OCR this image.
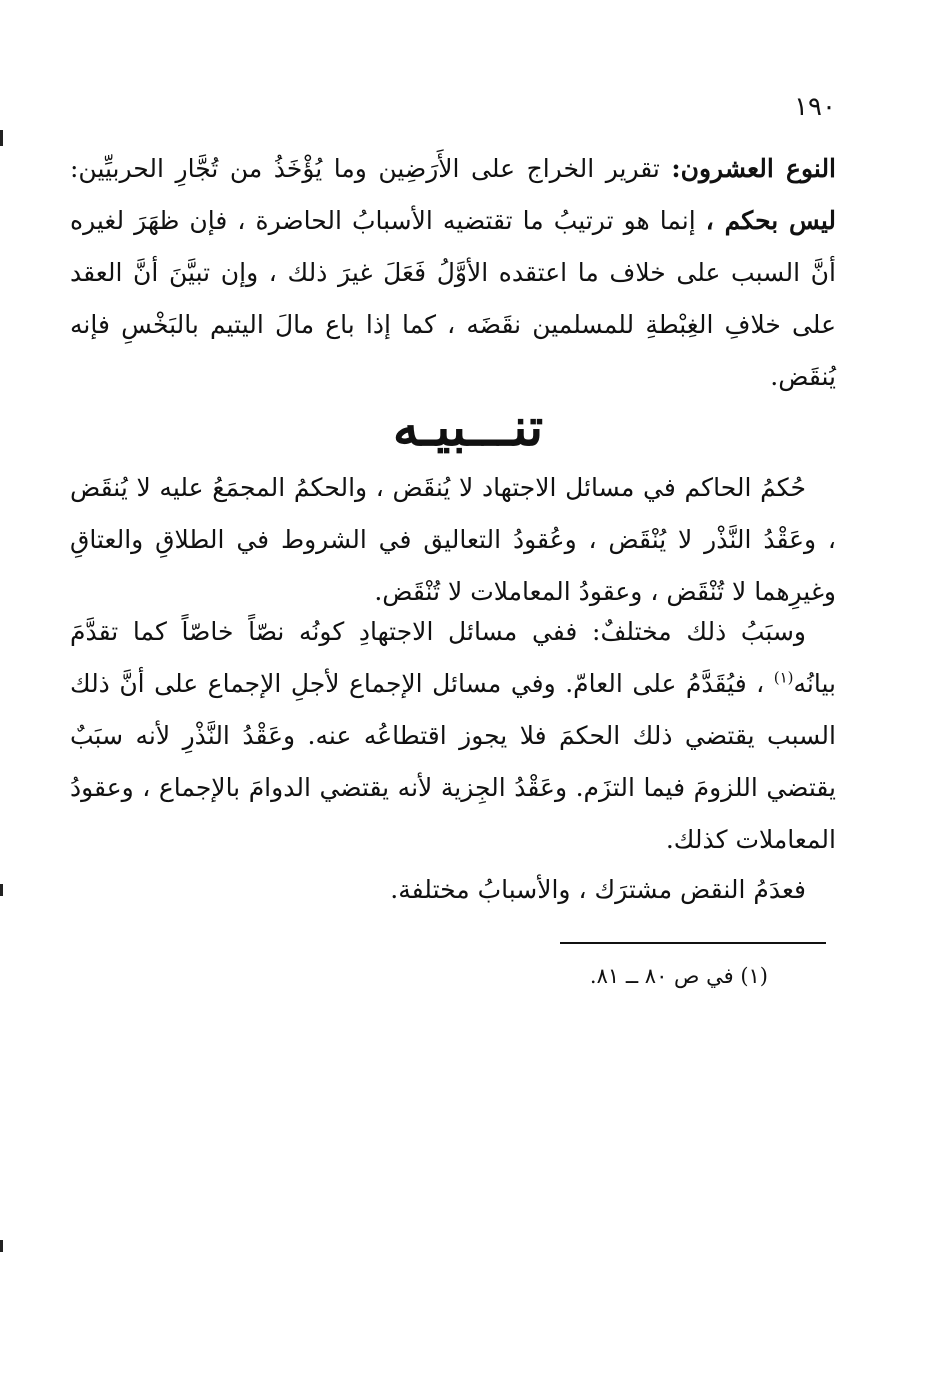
١٩٠
النوع العشرون: تقرير الخراج على الأَرَضِين وما يُؤْخَذُ من تُجَّارِ الحربيِّين: ليس بحكم ، إنما هو ترتيبُ ما تقتضيه الأسبابُ الحاضرة ، فإن ظهَرَ لغيره أنَّ السبب على خلاف ما اعتقده الأوَّلُ فَعَلَ غيرَ ذلك ، وإن تبيَّنَ أنَّ العقد على خلافِ الغِبْطةِ للمسلمين نقَضَه ، كما إذا باع مالَ اليتيم بالبَخْسِ فإنه يُنقَض.
تنـــبيـه
حُكمُ الحاكم في مسائل الاجتهاد لا يُنقَض ، والحكمُ المجمَعُ عليه لا يُنقَض ، وعَقْدُ النَّذْر لا يُنْقَض ، وعُقودُ التعاليق في الشروط في الطلاقِ والعتاقِ وغيرِهما لا تُنْقَض ، وعقودُ المعاملات لا تُنْقَض.
وسبَبُ ذلك مختلفٌ: ففي مسائل الاجتهادِ كونُه نصّاً خاصّاً كما تقدَّمَ بيانُه$^{(١)}$ ، فيُقَدَّمُ على العامّ. وفي مسائل الإجماع لأجلِ الإجماع على أنَّ ذلك السبب يقتضي ذلك الحكمَ فلا يجوز اقتطاعُه عنه. وعَقْدُ النَّذْرِ لأنه سبَبٌ يقتضي اللزومَ فيما التزَم. وعَقْدُ الجِزية لأنه يقتضي الدوامَ بالإجماع ، وعقودُ المعاملات كذلك.
فعدَمُ النقض مشترَك ، والأسبابُ مختلفة.
(١) في ص ٨٠ ــ ٨١.
